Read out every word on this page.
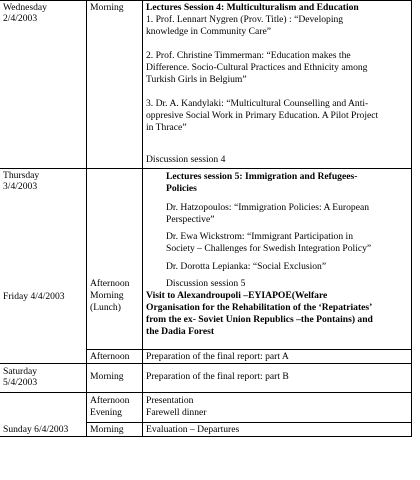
Wednesday
2/4/2003
Morning Lectures Session 4: Multiculturalism and Education
1. Prof. Lennart Nygren (Prov. Title) : “Developing
knowledge in Community Care”
2. Prof. Christine Timmerman: “Education makes the
Difference. Socio-Cultural Practices and Ethnicity among
Turkish Girls in Belgium”
3. Dr. A. Kandylaki: “Multicultural Counselling and Anti-
oppresive Social Work in Primary Education. A Pilot Project
in Thrace”
Discussion session 4
Thursday
3/4/2003
Lectures session 5: Immigration and Refugees-
Policies
Dr. Hatzopoulos: “Immigration Policies: A European
Perspective”
Dr. Ewa Wickstrom: “Immigrant Participation in
Society – Challenges for Swedish Integration Policy”
Dr. Dorotta Lepianka: “Social Exclusion”
Discussion session 5
Afternoon
Friday 4/4/2003	Morning
(Lunch)
Visit to Alexandroupoli –EYIAPOE(Welfare
Organisation for the Rehabilitation of the ‘Repatriates’
from the ex- Soviet Union Republics –the Pontains) and
the Dadia Forest
Afternoon Preparation of the final report: part A
Saturday
5/4/2003
Morning Preparation of the final report: part B
Afternoon Presentation
Evening	Farewell dinner
Sunday 6/4/2003 Morning Evaluation – Departures
